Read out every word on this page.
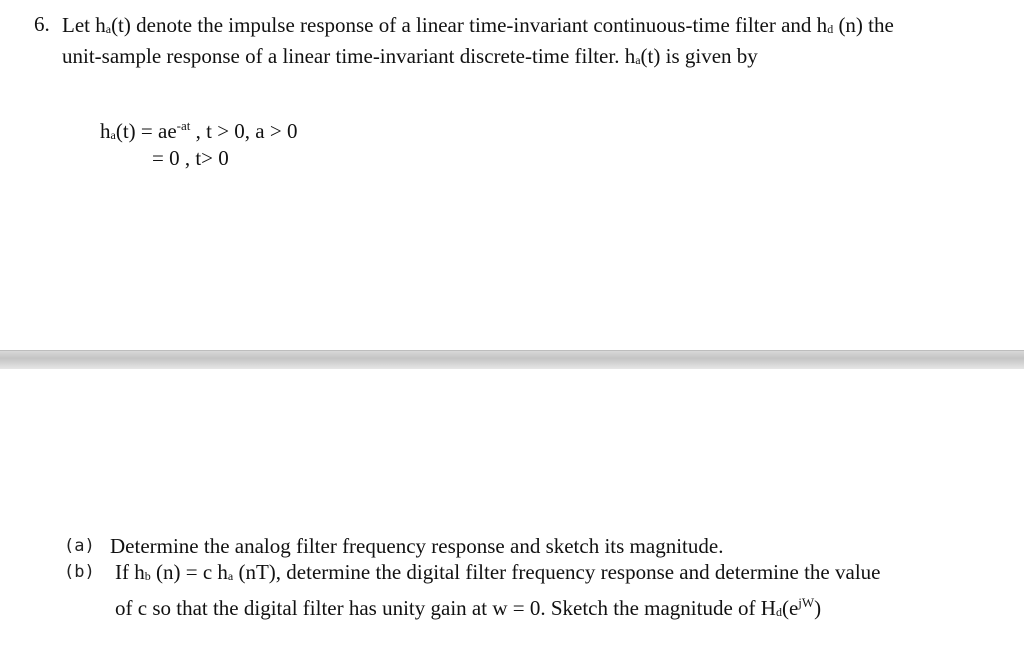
6. Let ha(t) denote the impulse response of a linear time-invariant continuous-time filter and hd (n) the unit-sample response of a linear time-invariant discrete-time filter. ha(t) is given by
$ha(t) = ae^{-at}$ , t > 0, a > 0
= 0 , t> 0
(a) Determine the analog filter frequency response and sketch its magnitude.
(b) If hb (n) = c ha (nT), determine the digital filter frequency response and determine the value of c so that the digital filter has unity gain at w = 0. Sketch the magnitude of $Hd(e^{jW})$
